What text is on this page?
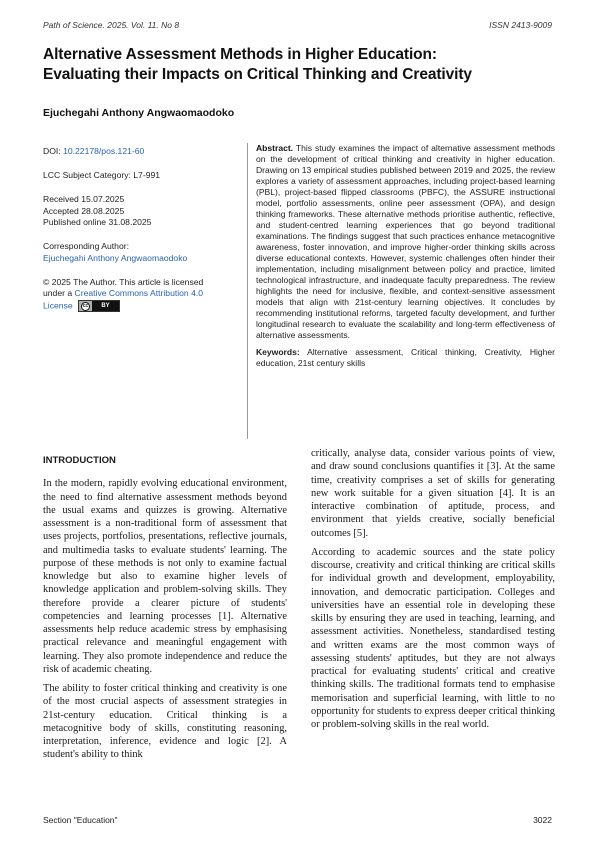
Path of Science. 2025. Vol. 11. No 8	ISSN 2413-9009
Alternative Assessment Methods in Higher Education:
Evaluating their Impacts on Critical Thinking and Creativity
Ejuchegahi Anthony Angwaomaodoko
DOI: 10.22178/pos.121-60
LCC Subject Category: L7-991
Received 15.07.2025
Accepted 28.08.2025
Published online 31.08.2025
Corresponding Author:
Ejuchegahi Anthony Angwaomaodoko
© 2025 The Author. This article is licensed
under a Creative Commons Attribution 4.0
License	cc	BY
Abstract. This study examines the impact of alternative assessment methods on the development of critical thinking and creativity in higher education. Drawing on 13 empirical studies published between 2019 and 2025, the review explores a variety of assessment approaches, including project-based learning (PBL), project-based flipped classrooms (PBFC), the ASSURE instructional model, portfolio assessments, online peer assessment (OPA), and design thinking frameworks. These alternative methods prioritise authentic, reflective, and student-centred learning experiences that go beyond traditional examinations. The findings suggest that such practices enhance metacognitive awareness, foster innovation, and improve higher-order thinking skills across diverse educational contexts. However, systemic challenges often hinder their implementation, including misalignment between policy and practice, limited technological infrastructure, and inadequate faculty preparedness. The review highlights the need for inclusive, flexible, and context-sensitive assessment models that align with 21st-century learning objectives. It concludes by recommending institutional reforms, targeted faculty development, and further longitudinal research to evaluate the scalability and long-term effectiveness of alternative assessments.
Keywords: Alternative assessment, Critical thinking, Creativity, Higher education, 21st century skills
INTRODUCTION

In the modern, rapidly evolving educational environment, the need to find alternative assessment methods beyond the usual exams and quizzes is growing. Alternative assessment is a non-traditional form of assessment that uses projects, portfolios, presentations, reflective journals, and multimedia tasks to evaluate students' learning. The purpose of these methods is not only to examine factual knowledge but also to examine higher levels of knowledge application and problem-solving skills. They therefore provide a clearer picture of students' competencies and learning processes [1]. Alternative assessments help reduce academic stress by emphasising practical relevance and meaningful engagement with learning. They also promote independence and reduce the risk of academic cheating.

The ability to foster critical thinking and creativity is one of the most crucial aspects of assessment strategies in 21st-century education. Critical thinking is a metacognitive body of skills, constituting reasoning, interpretation, inference, evidence and logic [2]. A student's ability to think

critically, analyse data, consider various points of view, and draw sound conclusions quantifies it [3]. At the same time, creativity comprises a set of skills for generating new work suitable for a given situation [4]. It is an interactive combination of aptitude, process, and environment that yields creative, socially beneficial outcomes [5].

According to academic sources and the state policy discourse, creativity and critical thinking are critical skills for individual growth and development, employability, innovation, and democratic participation. Colleges and universities have an essential role in developing these skills by ensuring they are used in teaching, learning, and assessment activities. Nonetheless, standardised testing and written exams are the most common ways of assessing students' aptitudes, but they are not always practical for evaluating students' critical and creative thinking skills. The traditional formats tend to emphasise memorisation and superficial learning, with little to no opportunity for students to express deeper critical thinking or problem-solving skills in the real world.

Section "Education"	3022
